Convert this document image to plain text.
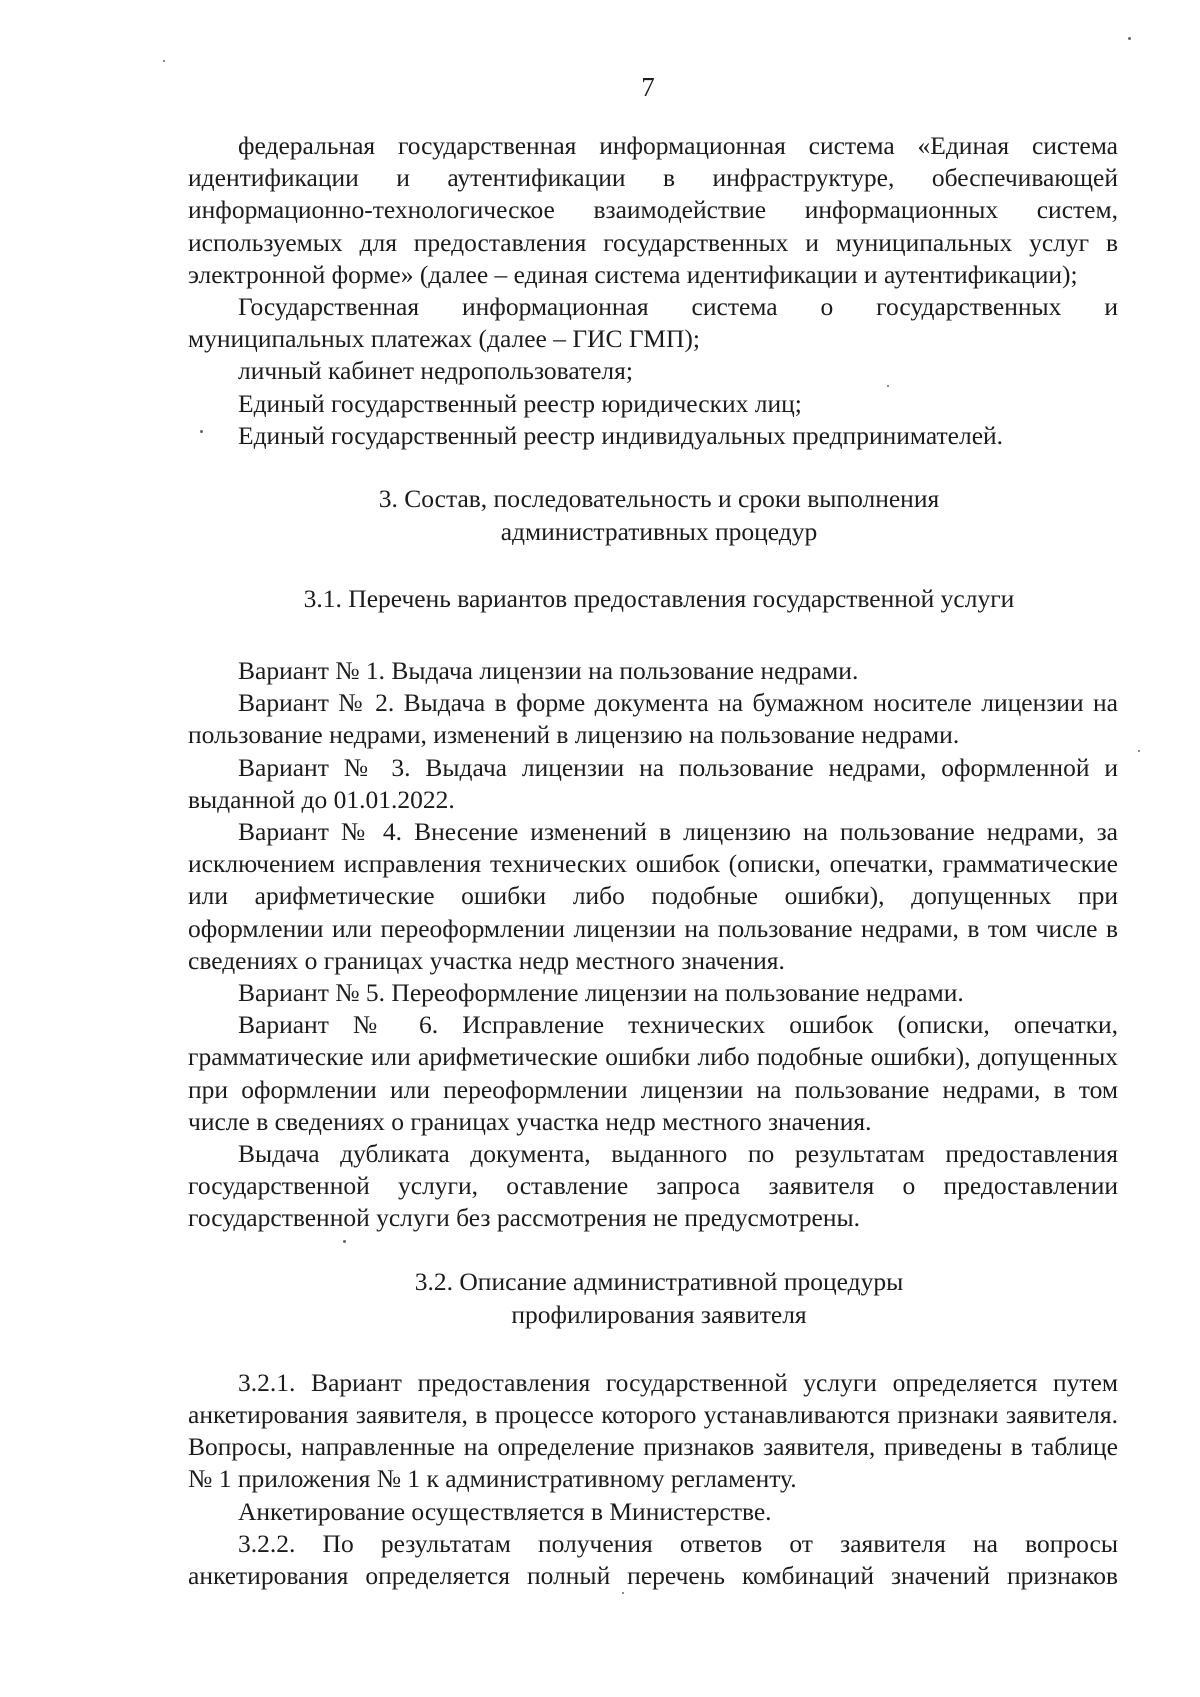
7

федеральная государственная информационная система «Единая система идентификации и аутентификации в инфраструктуре, обеспечивающей информационно-технологическое взаимодействие информационных систем, используемых для предоставления государственных и муниципальных услуг в электронной форме» (далее – единая система идентификации и аутентификации);

Государственная информационная система о государственных и муниципальных платежах (далее – ГИС ГМП);

личный кабинет недропользователя;

Единый государственный реестр юридических лиц;

Единый государственный реестр индивидуальных предпринимателей.

3. Состав, последовательность и сроки выполнения
административных процедур
3.1. Перечень вариантов предоставления государственной услуги

Вариант № 1. Выдача лицензии на пользование недрами.

Вариант № 2. Выдача в форме документа на бумажном носителе лицензии на пользование недрами, изменений в лицензию на пользование недрами.

Вариант № 3. Выдача лицензии на пользование недрами, оформленной и выданной до 01.01.2022.

Вариант № 4. Внесение изменений в лицензию на пользование недрами, за исключением исправления технических ошибок (описки, опечатки, грамматические или арифметические ошибки либо подобные ошибки), допущенных при оформлении или переоформлении лицензии на пользование недрами, в том числе в сведениях о границах участка недр местного значения.

Вариант № 5. Переоформление лицензии на пользование недрами.

Вариант № 6. Исправление технических ошибок (описки, опечатки, грамматические или арифметические ошибки либо подобные ошибки), допущенных при оформлении или переоформлении лицензии на пользование недрами, в том числе в сведениях о границах участка недр местного значения.

Выдача дубликата документа, выданного по результатам предоставления государственной услуги, оставление запроса заявителя о предоставлении государственной услуги без рассмотрения не предусмотрены.

3.2. Описание административной процедуры
профилирования заявителя

3.2.1. Вариант предоставления государственной услуги определяется путем анкетирования заявителя, в процессе которого устанавливаются признаки заявителя. Вопросы, направленные на определение признаков заявителя, приведены в таблице № 1 приложения № 1 к административному регламенту.

Анкетирование осуществляется в Министерстве.

3.2.2. По результатам получения ответов от заявителя на вопросы анкетирования определяется полный перечень комбинаций значений признаков
